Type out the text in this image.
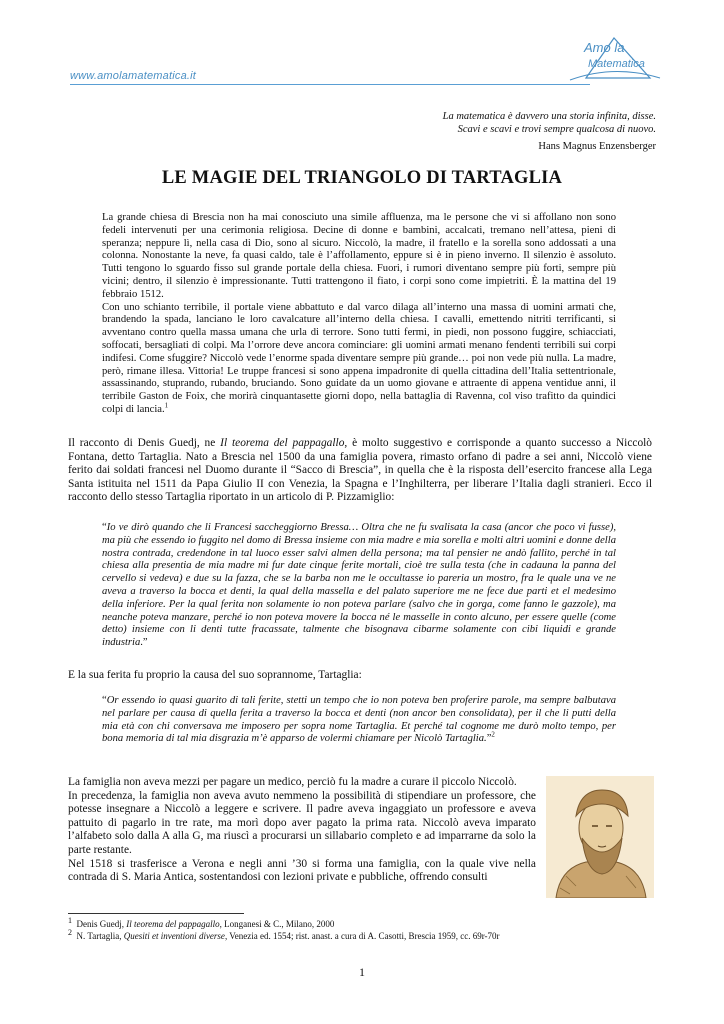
www.amolamatematica.it
Amo la
Matematica
La matematica è davvero una storia infinita, disse.
Scavi e scavi e trovi sempre qualcosa di nuovo.
Hans Magnus Enzensberger
LE MAGIE DEL TRIANGOLO DI TARTAGLIA

La grande chiesa di Brescia non ha mai conosciuto una simile affluenza, ma le persone che vi si affollano non sono fedeli intervenuti per una cerimonia religiosa. Decine di donne e bambini, accalcati, tremano nell’attesa, pieni di speranza; neppure lì, nella casa di Dio, sono al sicuro. Niccolò, la madre, il fratello e la sorella sono addossati a una colonna. Nonostante la neve, fa quasi caldo, tale è l’affollamento, eppure si è in pieno inverno. Il silenzio è assoluto. Tutti tengono lo sguardo fisso sul grande portale della chiesa. Fuori, i rumori diventano sempre più forti, sempre più vicini; dentro, il silenzio è impressionante. Tutti trattengono il fiato, i corpi sono come impietriti. È la mattina del 19 febbraio 1512.

Con uno schianto terribile, il portale viene abbattuto e dal varco dilaga all’interno una massa di uomini armati che, brandendo la spada, lanciano le loro cavalcature all’interno della chiesa. I cavalli, emettendo nitriti terrificanti, si avventano contro quella massa umana che urla di terrore. Sono tutti fermi, in piedi, non possono fuggire, schiacciati, soffocati, bersagliati di colpi. Ma l’orrore deve ancora cominciare: gli uomini armati menano fendenti terribili sui corpi indifesi. Come sfuggire? Niccolò vede l’enorme spada diventare sempre più grande… poi non vede più nulla. La madre, però, rimane illesa. Vittoria! Le truppe francesi si sono appena impadronite di quella cittadina dell’Italia settentrionale, assassinando, stuprando, rubando, bruciando. Sono guidate da un uomo giovane e attraente di appena ventidue anni, il terribile Gaston de Foix, che morirà cinquantasette giorni dopo, nella battaglia di Ravenna, col viso trafitto da quindici colpi di lancia.$^1$

Il racconto di Denis Guedj, ne Il teorema del pappagallo, è molto suggestivo e corrisponde a quanto successo a Niccolò Fontana, detto Tartaglia. Nato a Brescia nel 1500 da una famiglia povera, rimasto orfano di padre a sei anni, Niccolò viene ferito dai soldati francesi nel Duomo durante il “Sacco di Brescia”, in quella che è la risposta dell’esercito francese alla Lega Santa istituita nel 1511 da Papa Giulio II con Venezia, la Spagna e l’Inghilterra, per liberare l’Italia dagli stranieri. Ecco il racconto dello stesso Tartaglia riportato in un articolo di P. Pizzamiglio:

“Io ve dirò quando che li Francesi saccheggiorno Bressa… Oltra che ne fu svalisata la casa (ancor che poco vi fusse), ma più che essendo io fuggito nel domo di Bressa insieme con mia madre e mia sorella e molti altri uomini e donne della nostra contrada, credendone in tal luoco esser salvi almen della persona; ma tal pensier ne andò fallito, perché in tal chiesa alla presentia de mia madre mi fur date cinque ferite mortali, cioè tre sulla testa (che in cadauna la panna del cervello si vedeva) e due su la fazza, che se la barba non me le occultasse io pareria un mostro, fra le quale una ve ne aveva a traverso la bocca et denti, la qual della massella e del palato superiore me ne fece due parti et el medesimo della inferiore. Per la qual ferita non solamente io non poteva parlare (salvo che in gorga, come fanno le gazzole), ma neanche poteva manzare, perché io non poteva movere la bocca né le masselle in conto alcuno, per essere quelle (come detto) insieme con li denti tutte fracassate, talmente che bisognava cibarme solamente con cibi liquidi e grande industria.”

E la sua ferita fu proprio la causa del suo soprannome, Tartaglia:

“Or essendo io quasi guarito di tali ferite, stetti un tempo che io non poteva ben proferire parole, ma sempre balbutava nel parlare per causa di quella ferita a traverso la bocca et denti (non ancor ben consolidata), per il che li putti della mia età con chi conversava me imposero per sopra nome Tartaglia. Et perché tal cognome me durò molto tempo, per bona memoria di tal mia disgrazia m’è apparso de volermi chiamare per Nicolò Tartaglia.”$^2$

La famiglia non aveva mezzi per pagare un medico, perciò fu la madre a curare il piccolo Niccolò.
In precedenza, la famiglia non aveva avuto nemmeno la possibilità di stipendiare un professore, che potesse insegnare a Niccolò a leggere e scrivere. Il padre aveva ingaggiato un professore e aveva pattuito di pagarlo in tre rate, ma morì dopo aver pagato la prima rata. Niccolò aveva imparato l’alfabeto solo dalla A alla G, ma riuscì a procurarsi un sillabario completo e ad imparrarne da solo la parte restante.
Nel 1518 si trasferisce a Verona e negli anni ’30 si forma una famiglia, con la quale vive nella contrada di S. Maria Antica, sostentandosi con lezioni private e pubbliche, offrendo consulti
$^1$ Denis Guedj, Il teorema del pappagallo, Longanesi & C., Milano, 2000
$^2$ N. Tartaglia, Quesiti et inventioni diverse, Venezia ed. 1554; rist. anast. a cura di A. Casotti, Brescia 1959, cc. 69r-70r
1
